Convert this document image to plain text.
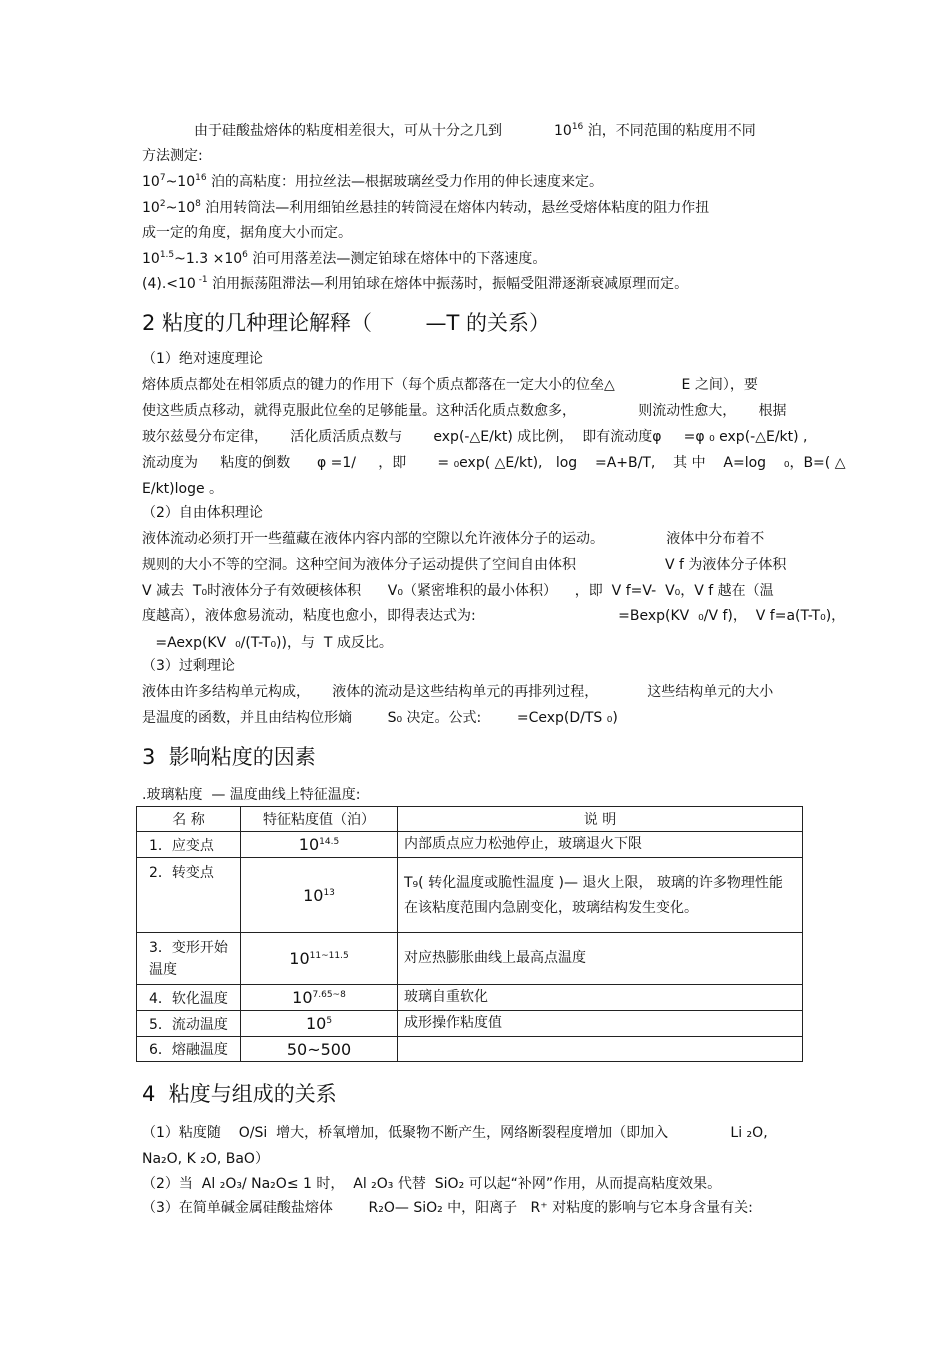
由于硅酸盐熔体的粘度相差很大，可从十分之几到	$10^{16}$ 泊，不同范围的粘度用不同
方法测定:
$10^7\sim 10^{16}$ 泊的高粘度：用拉丝法—根据玻璃丝受力作用的伸长速度来定。
$10^2\sim 10^8$ 泊用转筒法—利用细铂丝悬挂的转筒浸在熔体内转动，悬丝受熔体粘度的阻力作扭
成一定的角度，据角度大小而定。
$10^{1.5}\sim 1.3 \times 10^6$ 泊可用落差法—测定铂球在熔体中的下落速度。
(4).<10 $^{-1}$ 泊用振荡阻滞法—利用铂球在熔体中振荡时，振幅受阻滞逐渐衰减原理而定。
2 粘度的几种理论解释（        —T 的关系）
（1）绝对速度理论
熔体质点都处在相邻质点的键力的作用下（每个质点都落在一定大小的位垒△               E 之间），要
使这些质点移动，就得克服此位垒的足够能量。这种活化质点数愈多，              则流动性愈大，     根据
玻尔兹曼分布定律，     活化质活质点数与       exp(-△E/kt) 成比例，  即有流动度φ     =φ ₀ exp(-△E/kt) ,
流动度为     粘度的倒数      φ =1/     ，即       = ₀exp( △E/kt),   log    =A+B/T,    其 中    A=log    ₀，B=( △
E/kt)loge 。
（2）自由体积理论
液体流动必须打开一些蕴藏在液体内容内部的空隙以允许液体分子的运动。              液体中分布着不
规则的大小不等的空洞。这种空间为液体分子运动提供了空间自由体积                    V f 为液体分子体积
V 减去  T₀时液体分子有效硬核体积      V₀（紧密堆积的最小体积）    ，即  V f=V-  V₀，V f 越在（温
度越高），液体愈易流动，粘度也愈小，即得表达式为:                                =Bexp(KV  ₀/V f)，  V f=a(T-T₀)，
=Aexp(KV  ₀/(T-T₀))，与  T 成反比。
（3）过剩理论
液体由许多结构单元构成，     液体的流动是这些结构单元的再排列过程，           这些结构单元的大小
是温度的函数，并且由结构位形熵        S₀ 决定。公式:        =Cexp(D/TS ₀)
3  影响粘度的因素
.玻璃粘度  — 温度曲线上特征温度:
名 称	特征粘度值（泊）	说 明
1．应变点	$10^{14.5}$	内部质点应力松弛停止，玻璃退火下限
2．转变点	$10^{13}$	T₉( 转化温度或脆性温度 )— 退火上限， 玻璃的许多物理性能在该粘度范围内急剧变化，玻璃结构发生变化。
3．变形开始温度	$10^{11\sim 11.5}$	对应热膨胀曲线上最高点温度
4．软化温度	$10^{7.65\sim 8}$	玻璃自重软化
5．流动温度	$10^5$	成形操作粘度值
6．熔融温度	50~500	
4  粘度与组成的关系
（1）粘度随    O/Si  增大，桥氧增加，低聚物不断产生，网络断裂程度增加（即加入              Li ₂O,
Na₂O, K ₂O, BaO）
（2）当  Al ₂O₃/ Na₂O≤ 1 时，  Al ₂O₃ 代替  SiO₂ 可以起“补网”作用，从而提高粘度效果。
（3）在简单碱金属硅酸盐熔体        R₂O— SiO₂ 中，阳离子   R⁺ 对粘度的影响与它本身含量有关:
